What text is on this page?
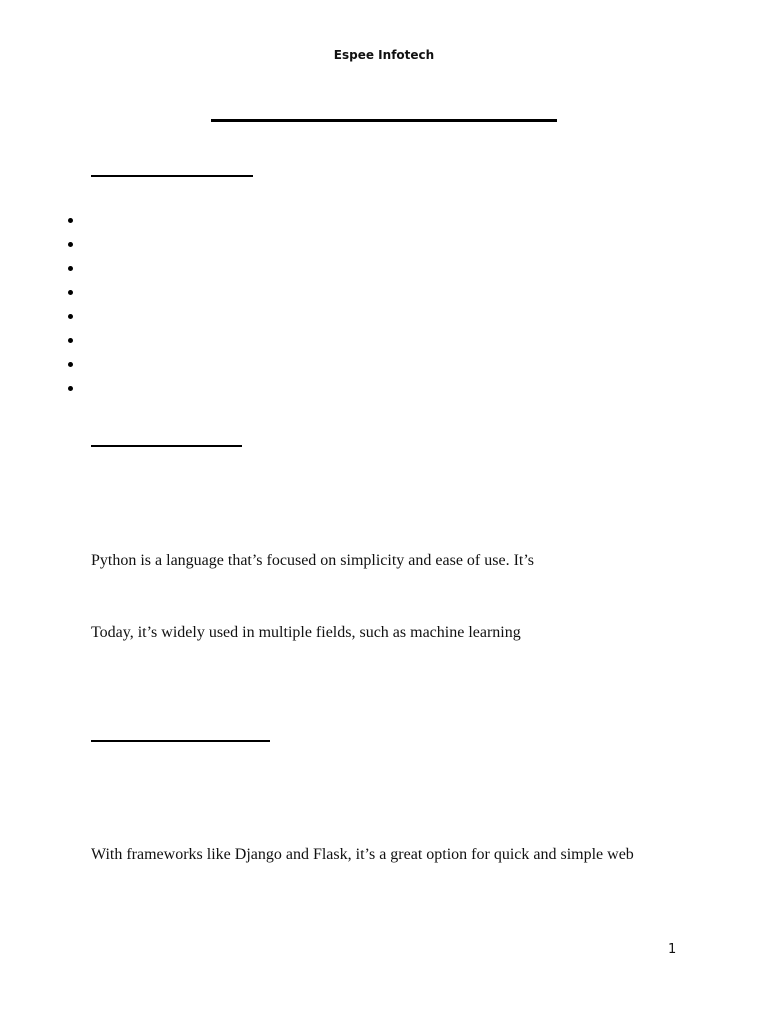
Espee Infotech
Python is a language that’s focused on simplicity and ease of use. It’s
Today, it’s widely used in multiple fields, such as machine learning
With frameworks like Django and Flask, it’s a great option for quick and simple web
1
